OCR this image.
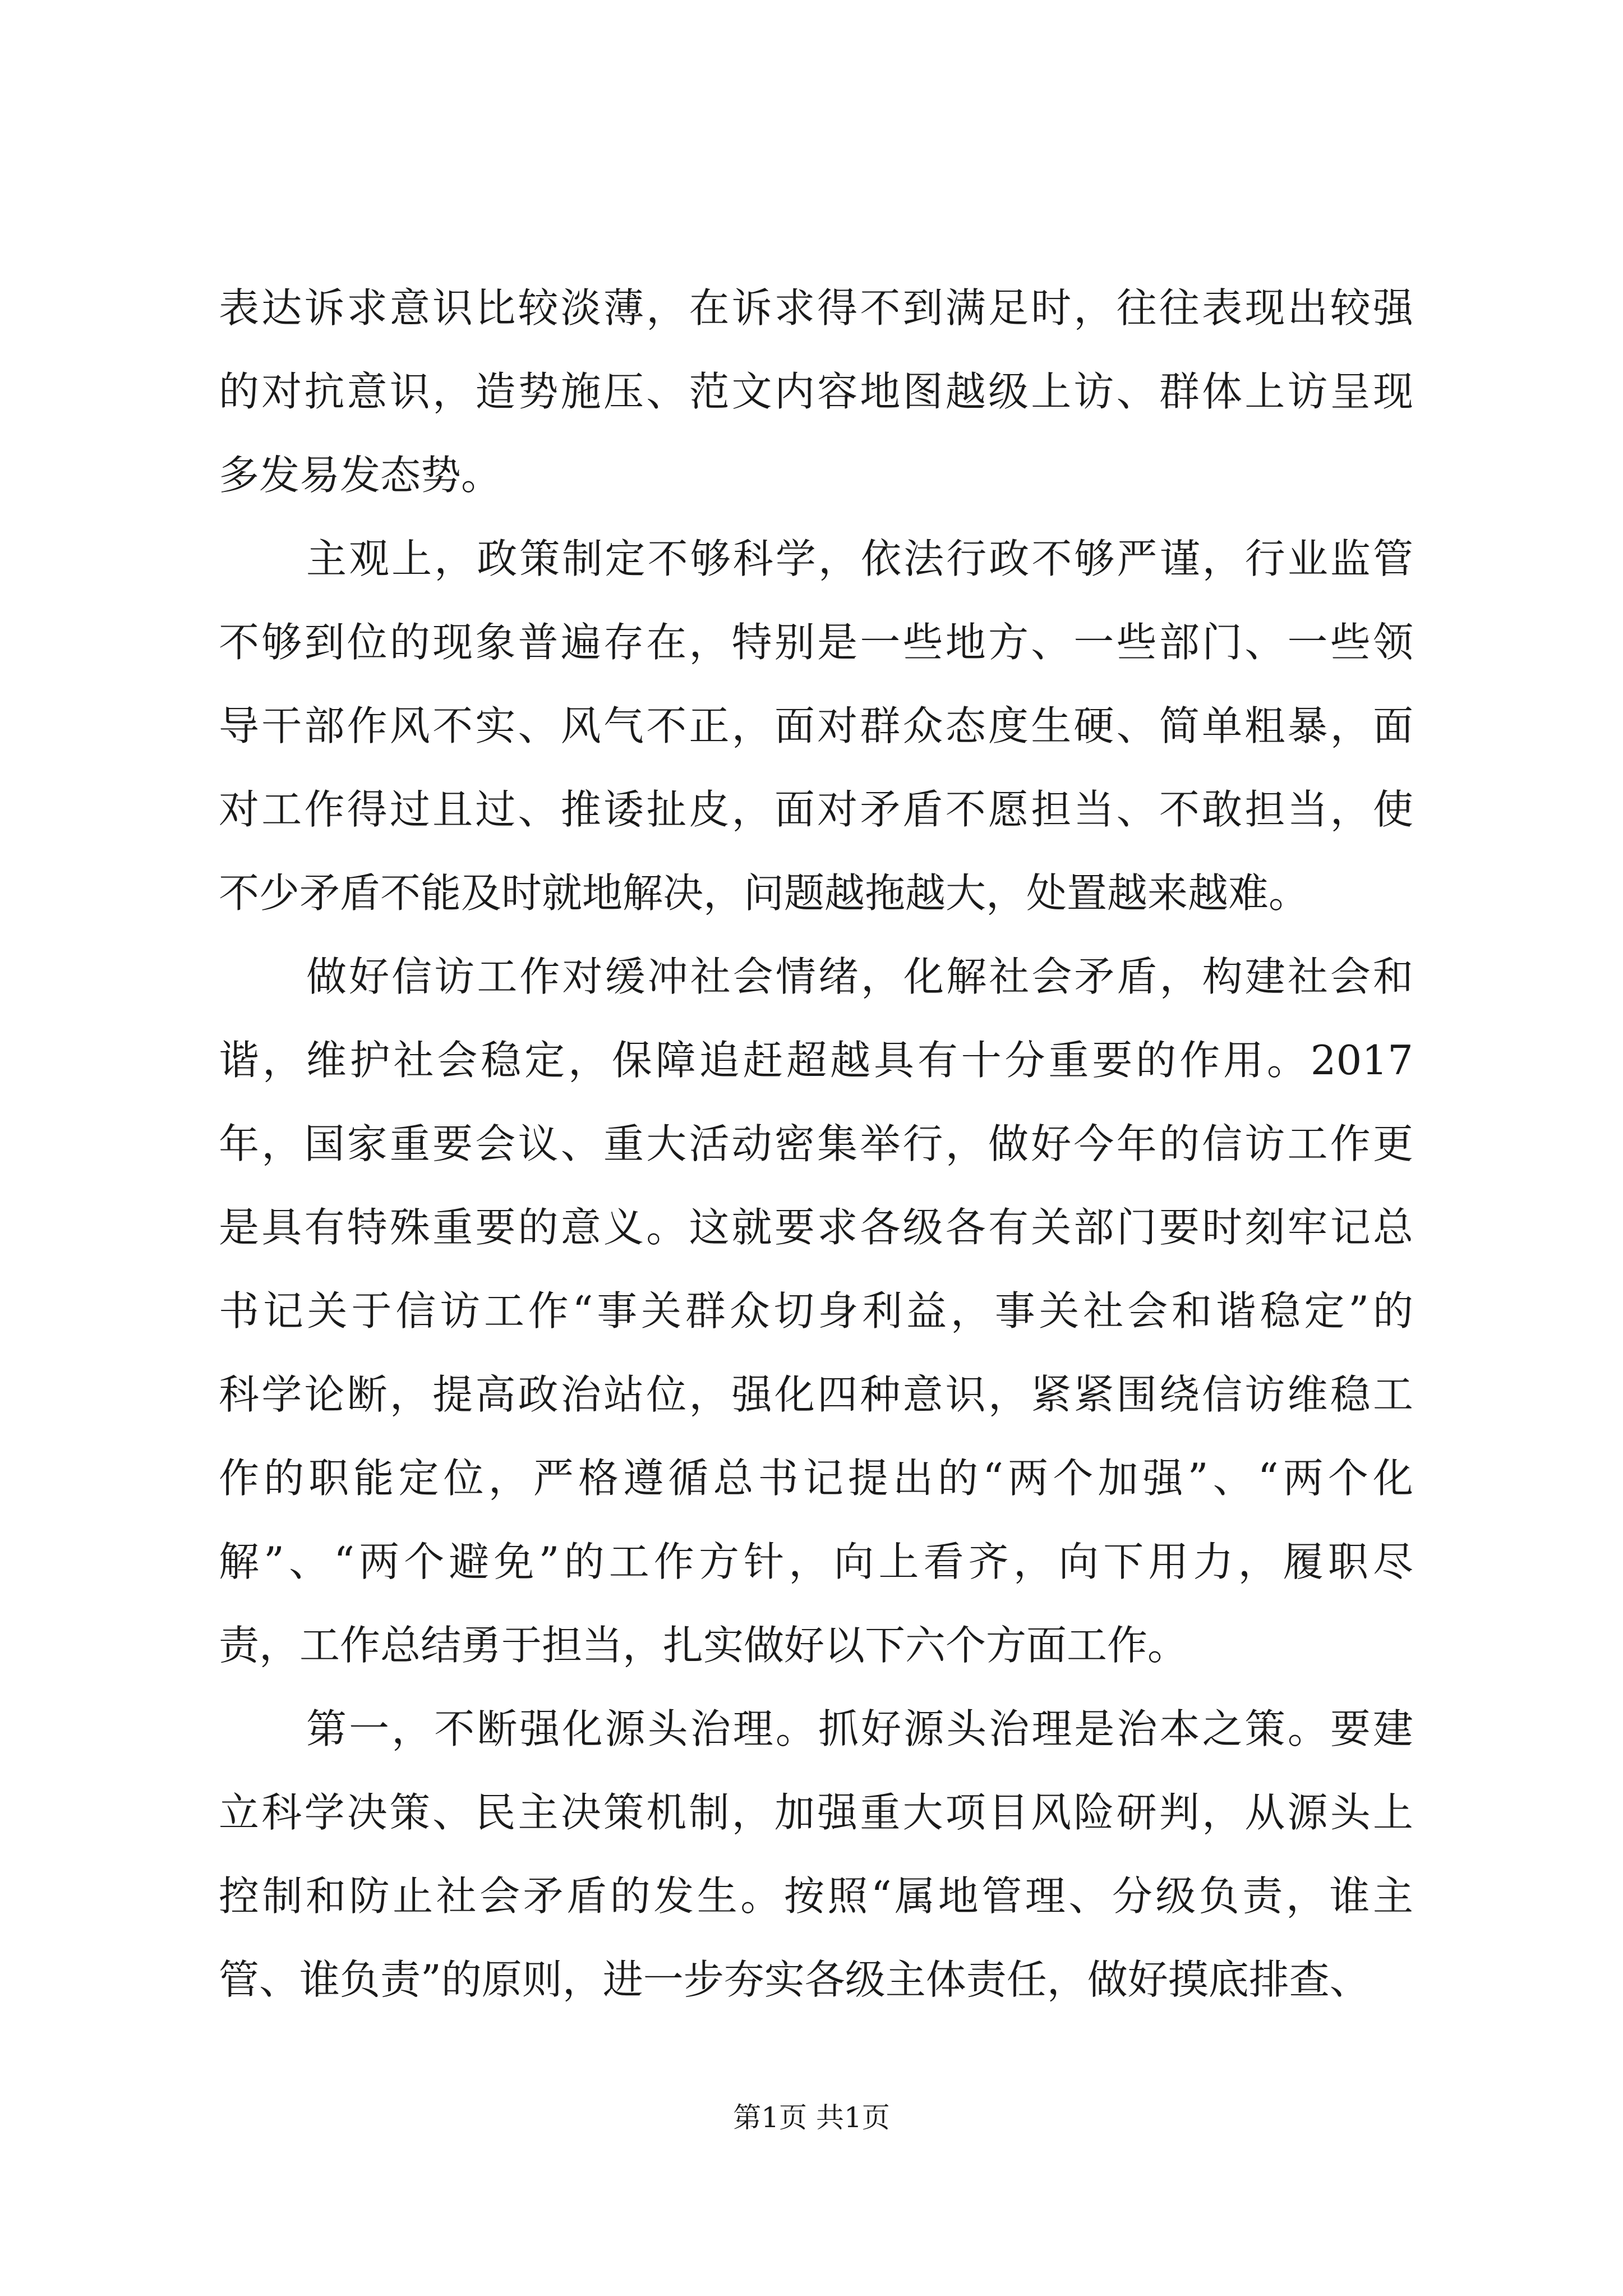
表达诉求意识比较淡薄，在诉求得不到满足时，往往表现出较强
的对抗意识，造势施压、范文内容地图越级上访、群体上访呈现
多发易发态势。
主观上，政策制定不够科学，依法行政不够严谨，行业监管
不够到位的现象普遍存在，特别是一些地方、一些部门、一些领
导干部作风不实、风气不正，面对群众态度生硬、简单粗暴，面
对工作得过且过、推诿扯皮，面对矛盾不愿担当、不敢担当，使
不少矛盾不能及时就地解决，问题越拖越大，处置越来越难。
做好信访工作对缓冲社会情绪，化解社会矛盾，构建社会和
谐，维护社会稳定，保障追赶超越具有十分重要的作用。2017
年，国家重要会议、重大活动密集举行，做好今年的信访工作更
是具有特殊重要的意义。这就要求各级各有关部门要时刻牢记总
书记关于信访工作“事关群众切身利益，事关社会和谐稳定”的
科学论断，提高政治站位，强化四种意识，紧紧围绕信访维稳工
作的职能定位，严格遵循总书记提出的“两个加强”、“两个化
解”、“两个避免”的工作方针，向上看齐，向下用力，履职尽
责，工作总结勇于担当，扎实做好以下六个方面工作。
第一，不断强化源头治理。抓好源头治理是治本之策。要建
立科学决策、民主决策机制，加强重大项目风险研判，从源头上
控制和防止社会矛盾的发生。按照“属地管理、分级负责，谁主
管、谁负责”的原则，进一步夯实各级主体责任，做好摸底排查、
第1页 共1页
